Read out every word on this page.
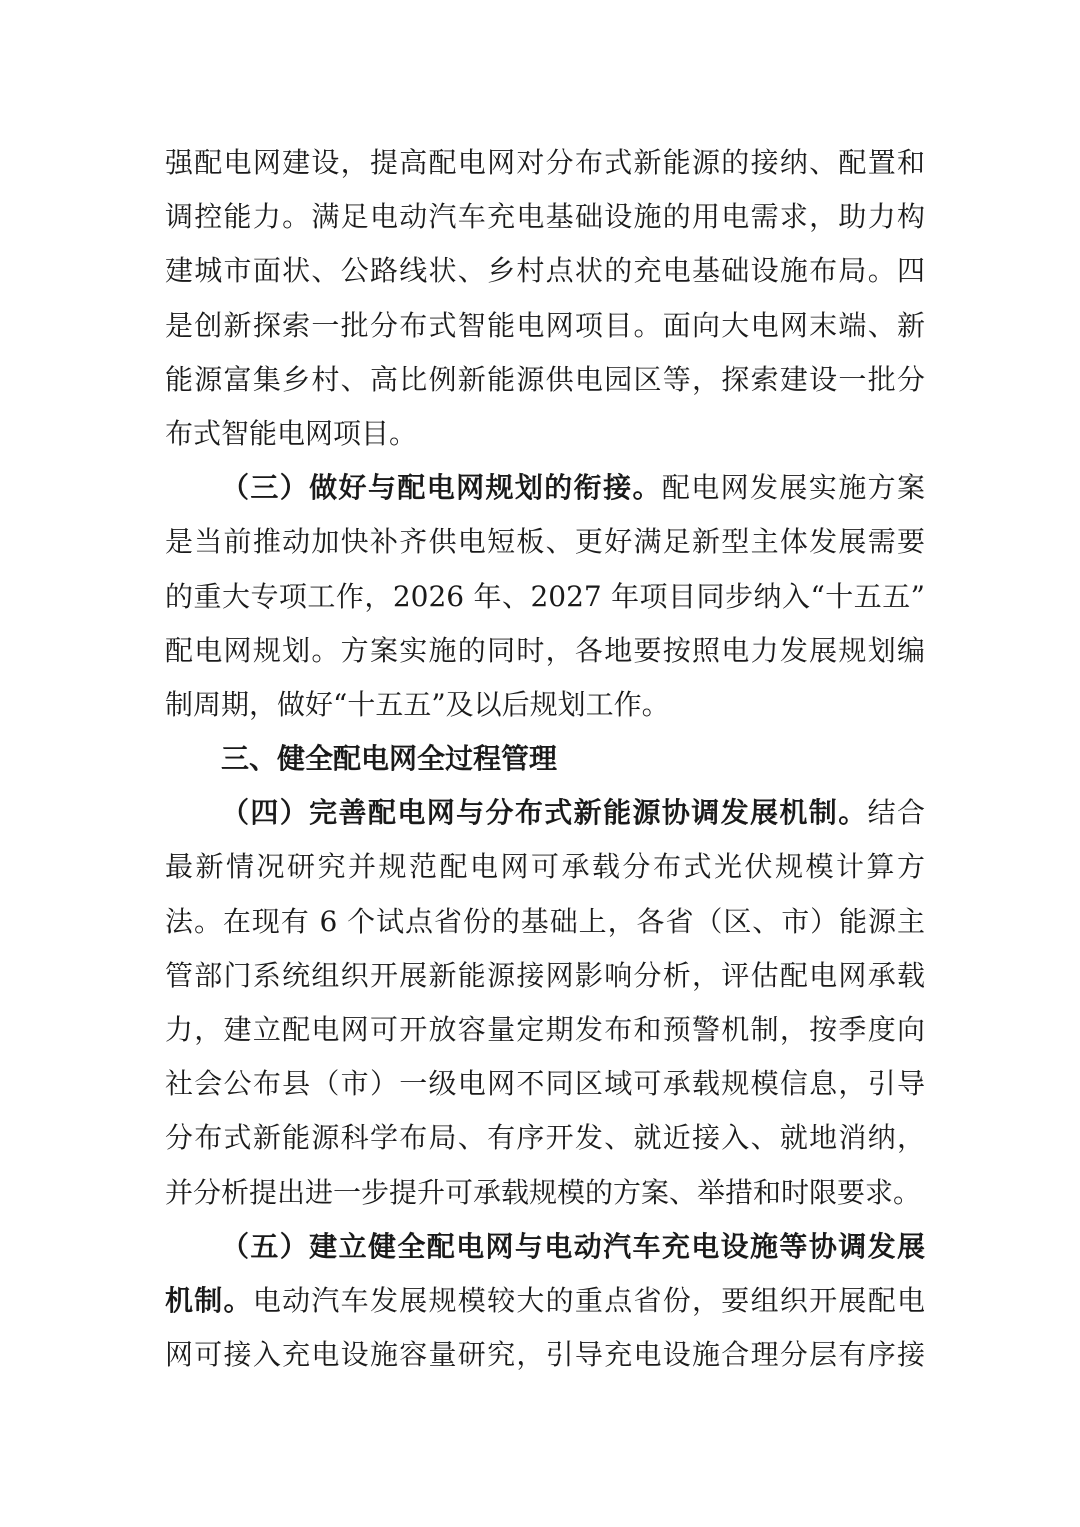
强配电网建设，提高配电网对分布式新能源的接纳、配置和
调控能力。满足电动汽车充电基础设施的用电需求，助力构
建城市面状、公路线状、乡村点状的充电基础设施布局。四
是创新探索一批分布式智能电网项目。面向大电网末端、新
能源富集乡村、高比例新能源供电园区等，探索建设一批分
布式智能电网项目。
（三）做好与配电网规划的衔接。配电网发展实施方案
是当前推动加快补齐供电短板、更好满足新型主体发展需要
的重大专项工作，2026 年、2027 年项目同步纳入“十五五”
配电网规划。方案实施的同时，各地要按照电力发展规划编
制周期，做好“十五五”及以后规划工作。
三、健全配电网全过程管理
（四）完善配电网与分布式新能源协调发展机制。结合
最新情况研究并规范配电网可承载分布式光伏规模计算方
法。在现有 6 个试点省份的基础上，各省（区、市）能源主
管部门系统组织开展新能源接网影响分析，评估配电网承载
力，建立配电网可开放容量定期发布和预警机制，按季度向
社会公布县（市）一级电网不同区域可承载规模信息，引导
分布式新能源科学布局、有序开发、就近接入、就地消纳，
并分析提出进一步提升可承载规模的方案、举措和时限要求。
（五）建立健全配电网与电动汽车充电设施等协调发展
机制。电动汽车发展规模较大的重点省份，要组织开展配电
网可接入充电设施容量研究，引导充电设施合理分层有序接
